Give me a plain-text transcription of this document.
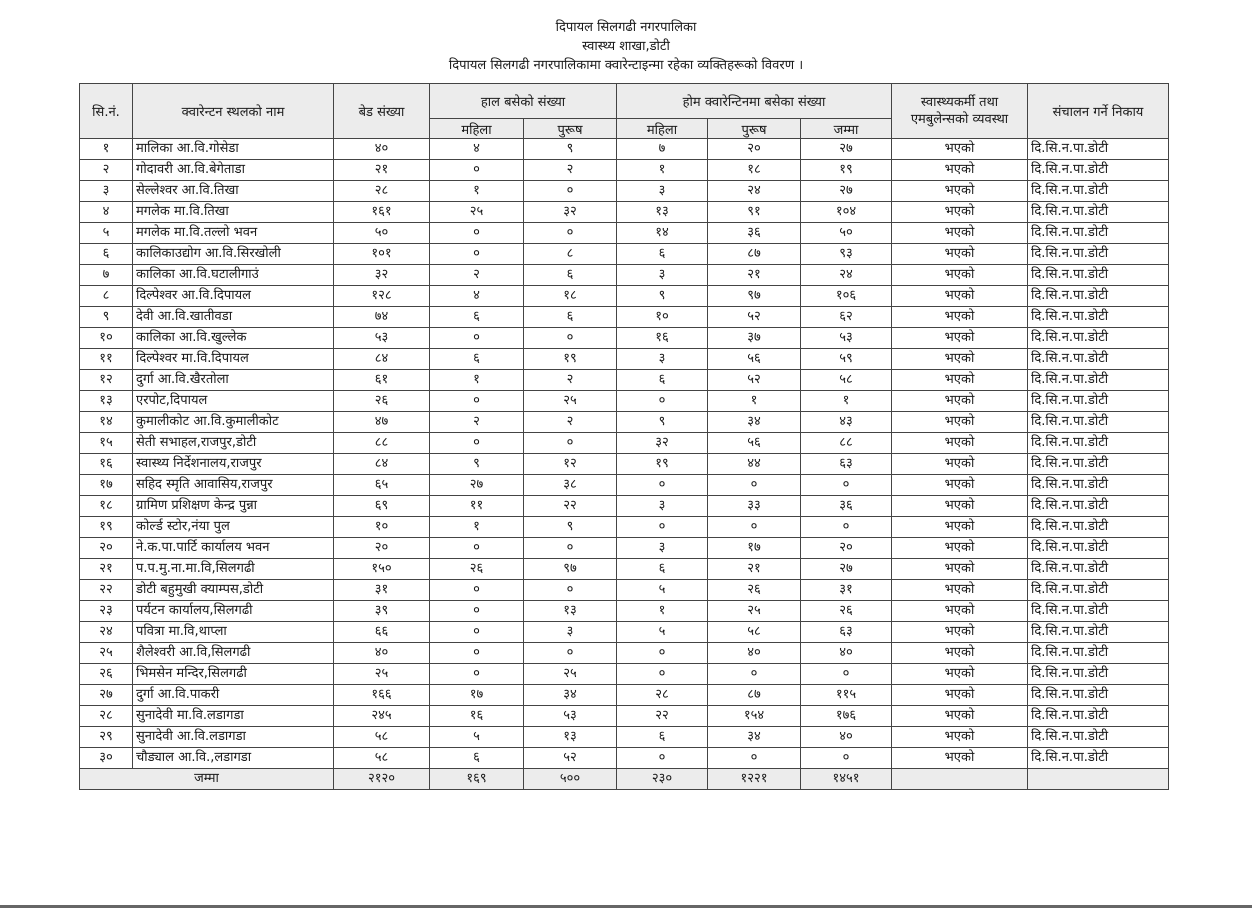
दिपायल सिलगढी नगरपालिका
स्वास्थ्य शाखा,डोटी
दिपायल सिलगढी नगरपालिकामा क्वारेन्टाइन्मा रहेका व्यक्तिहरूको विवरण ।
सि.नं.	क्वारेन्टन स्थलको नाम	बेड संख्या	हाल बसेको संख्या		होम क्वारेन्टिनमा बसेका संख्या			स्वास्थ्यकर्मी तथा एमबुलेन्सको व्यवस्था	संचालन गर्ने निकाय
			महिला	पुरूष	महिला	पुरूष	जम्मा		
१	मालिका आ.वि.गोसेडा	४०	४	९	७	२०	२७	भएको	दि.सि.न.पा.डोटी
२	गोदावरी आ.वि.बेगेताडा	२१	०	२	१	१८	१९	भएको	दि.सि.न.पा.डोटी
३	सेल्लेश्वर आ.वि.तिखा	२८	१	०	३	२४	२७	भएको	दि.सि.न.पा.डोटी
४	मगलेक मा.वि.तिखा	१६१	२५	३२	१३	९१	१०४	भएको	दि.सि.न.पा.डोटी
५	मगलेक मा.वि.तल्लो भवन	५०	०	०	१४	३६	५०	भएको	दि.सि.न.पा.डोटी
६	कालिकाउद्योग आ.वि.सिरखोली	१०१	०	८	६	८७	९३	भएको	दि.सि.न.पा.डोटी
७	कालिका आ.वि.घटालीगाउं	३२	२	६	३	२१	२४	भएको	दि.सि.न.पा.डोटी
८	दिल्पेश्वर आ.वि.दिपायल	१२८	४	१८	९	९७	१०६	भएको	दि.सि.न.पा.डोटी
९	देवी आ.वि.खातीवडा	७४	६	६	१०	५२	६२	भएको	दि.सि.न.पा.डोटी
१०	कालिका आ.वि.खुल्लेक	५३	०	०	१६	३७	५३	भएको	दि.सि.न.पा.डोटी
११	दिल्पेश्वर मा.वि.दिपायल	८४	६	१९	३	५६	५९	भएको	दि.सि.न.पा.डोटी
१२	दुर्गा आ.वि.खैरतोला	६१	१	२	६	५२	५८	भएको	दि.सि.न.पा.डोटी
१३	एरपोट,दिपायल	२६	०	२५	०	१	१	भएको	दि.सि.न.पा.डोटी
१४	कुमालीकोट आ.वि.कुमालीकोट	४७	२	२	९	३४	४३	भएको	दि.सि.न.पा.डोटी
१५	सेती सभाहल,राजपुर,डोटी	८८	०	०	३२	५६	८८	भएको	दि.सि.न.पा.डोटी
१६	स्वास्थ्य निर्देशनालय,राजपुर	८४	९	१२	१९	४४	६३	भएको	दि.सि.न.पा.डोटी
१७	सहिद स्मृति आवासिय,राजपुर	६५	२७	३८	०	०	०	भएको	दि.सि.न.पा.डोटी
१८	ग्रामिण प्रशिक्षण केन्द्र पुन्ना	६९	११	२२	३	३३	३६	भएको	दि.सि.न.पा.डोटी
१९	कोर्ल्ड स्टोर,नंया पुल	१०	१	९	०	०	०	भएको	दि.सि.न.पा.डोटी
२०	ने.क.पा.पार्टि कार्यालय भवन	२०	०	०	३	१७	२०	भएको	दि.सि.न.पा.डोटी
२१	प.प.मु.ना.मा.वि,सिलगढी	१५०	२६	९७	६	२१	२७	भएको	दि.सि.न.पा.डोटी
२२	डोटी बहुमुखी क्याम्पस,डोटी	३१	०	०	५	२६	३१	भएको	दि.सि.न.पा.डोटी
२३	पर्यटन कार्यालय,सिलगढी	३९	०	१३	१	२५	२६	भएको	दि.सि.न.पा.डोटी
२४	पवित्रा मा.वि,थाप्ला	६६	०	३	५	५८	६३	भएको	दि.सि.न.पा.डोटी
२५	शैलेश्वरी आ.वि,सिलगढी	४०	०	०	०	४०	४०	भएको	दि.सि.न.पा.डोटी
२६	भिमसेन मन्दिर,सिलगढी	२५	०	२५	०	०	०	भएको	दि.सि.न.पा.डोटी
२७	दुर्गा आ.वि.पाकरी	१६६	१७	३४	२८	८७	११५	भएको	दि.सि.न.पा.डोटी
२८	सुनादेवी मा.वि.लडागडा	२४५	१६	५३	२२	१५४	१७६	भएको	दि.सि.न.पा.डोटी
२९	सुनादेवी आ.वि.लडागडा	५८	५	१३	६	३४	४०	भएको	दि.सि.न.पा.डोटी
३०	चौड्याल आ.वि.,लडागडा	५८	६	५२	०	०	०	भएको	दि.सि.न.पा.डोटी
जम्मा		२१२०	१६९	५००	२३०	१२२१	१४५१		
